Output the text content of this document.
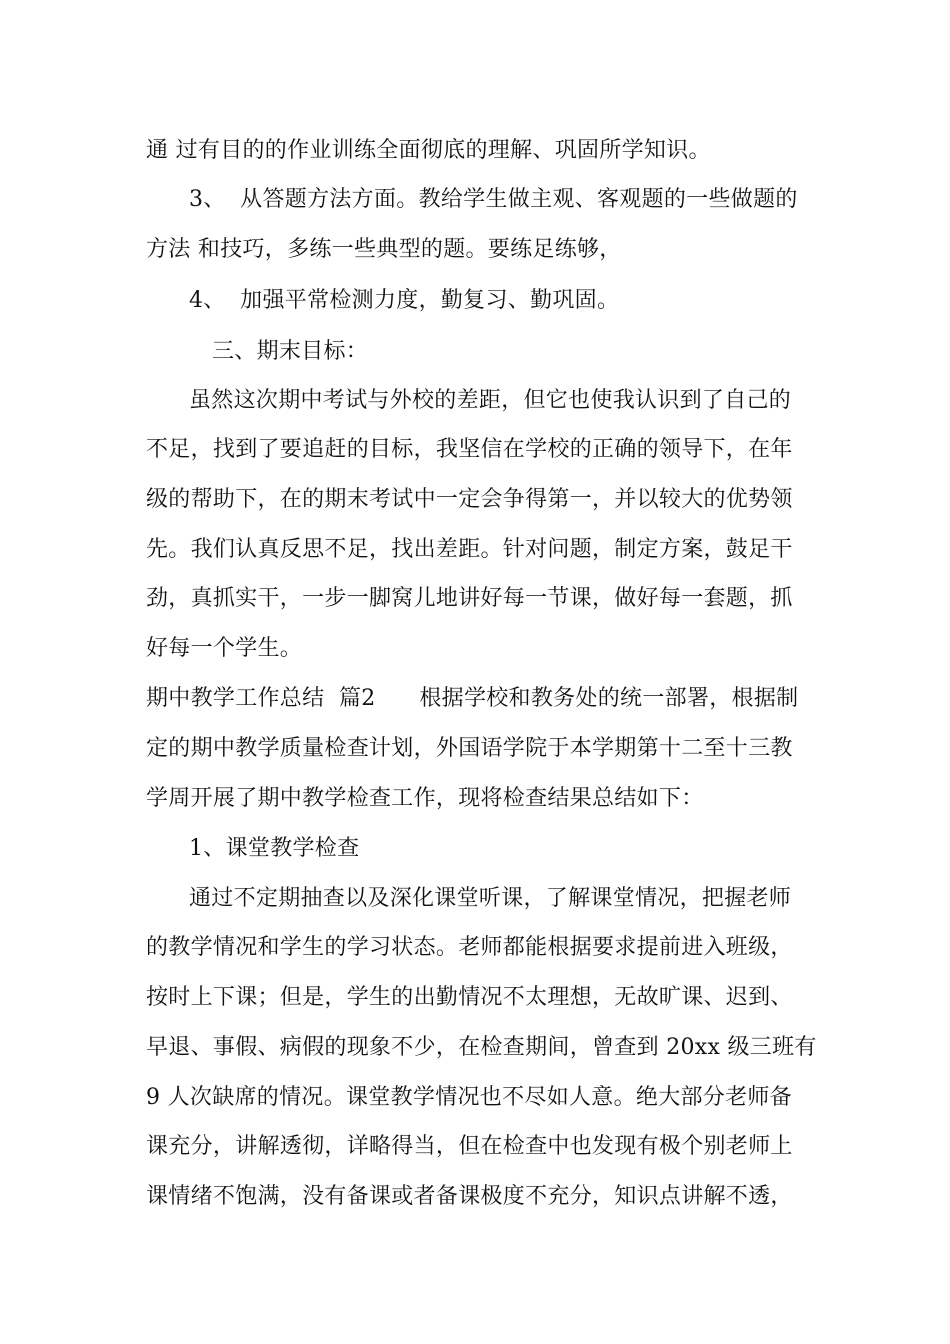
通 过有目的的作业训练全面彻底的理解、巩固所学知识。
3、  从答题方法方面。教给学生做主观、客观题的一些做题的
方法 和技巧，多练一些典型的题。要练足练够，
4、  加强平常检测力度，勤复习、勤巩固。
三、期末目标：
虽然这次期中考试与外校的差距，但它也使我认识到了自己的
不足，找到了要追赶的目标，我坚信在学校的正确的领导下，在年
级的帮助下，在的期末考试中一定会争得第一，并以较大的优势领
先。我们认真反思不足，找出差距。针对问题，制定方案，鼓足干
劲，真抓实干，一步一脚窝儿地讲好每一节课，做好每一套题，抓
好每一个学生。
期中教学工作总结  篇2      根据学校和教务处的统一部署，根据制
定的期中教学质量检查计划，外国语学院于本学期第十二至十三教
学周开展了期中教学检查工作，现将检查结果总结如下：
1、课堂教学检查
通过不定期抽查以及深化课堂听课，了解课堂情况，把握老师
的教学情况和学生的学习状态。老师都能根据要求提前进入班级，
按时上下课；但是，学生的出勤情况不太理想，无故旷课、迟到、
早退、事假、病假的现象不少，在检查期间，曾查到 20xx 级三班有
9 人次缺席的情况。课堂教学情况也不尽如人意。绝大部分老师备
课充分，讲解透彻，详略得当，但在检查中也发现有极个别老师上
课情绪不饱满，没有备课或者备课极度不充分，知识点讲解不透，
